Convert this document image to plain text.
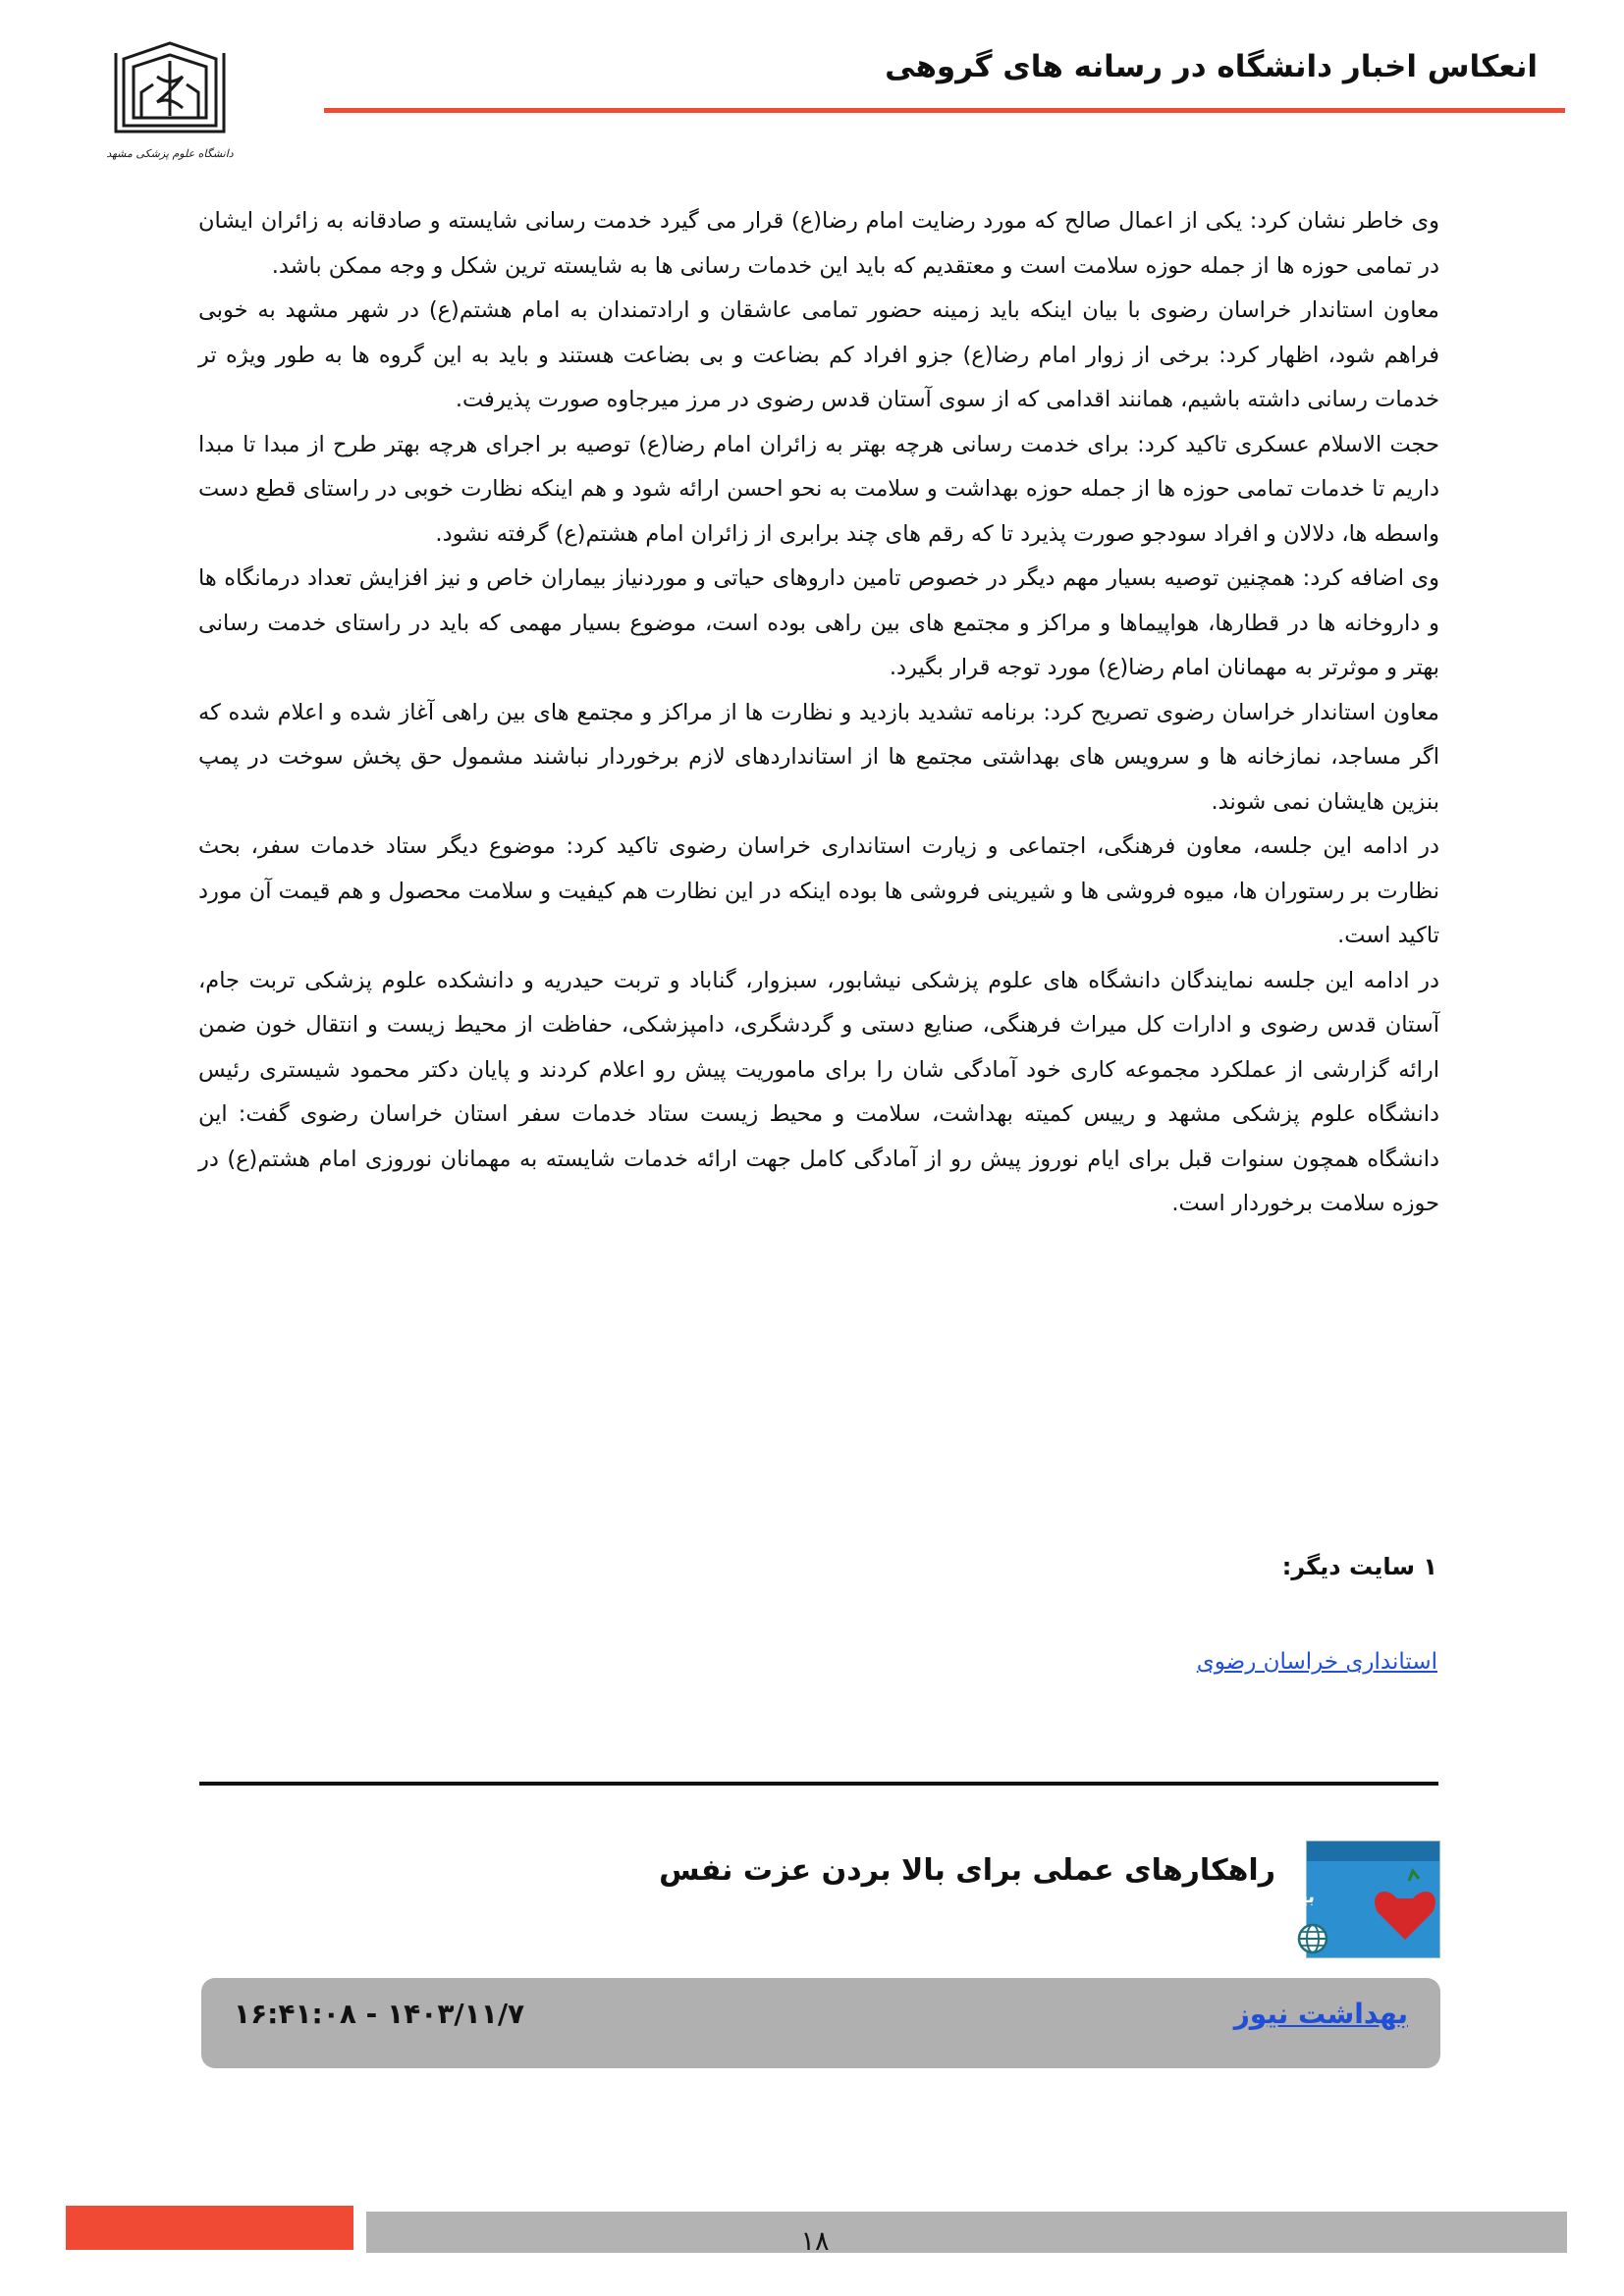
انعکاس اخبار دانشگاه در رسانه های گروهی
دانشگاه علوم پزشکی مشهد

وی خاطر نشان کرد: یکی از اعمال صالح که مورد رضایت امام رضا(ع) قرار می گیرد خدمت رسانی شایسته و صادقانه به زائران ایشان در تمامی حوزه ها از جمله حوزه سلامت است و معتقدیم که باید این خدمات رسانی ها به شایسته ترین شکل و وجه ممکن باشد.

معاون استاندار خراسان رضوی با بیان اینکه باید زمینه حضور تمامی عاشقان و ارادتمندان به امام هشتم(ع) در شهر مشهد به خوبی فراهم شود، اظهار کرد: برخی از زوار امام رضا(ع) جزو افراد کم بضاعت و بی بضاعت هستند و باید به این گروه ها به طور ویژه تر خدمات رسانی داشته باشیم، همانند اقدامی که از سوی آستان قدس رضوی در مرز میرجاوه صورت پذیرفت.

حجت الاسلام عسکری تاکید کرد: برای خدمت رسانی هرچه بهتر به زائران امام رضا(ع) توصیه بر اجرای هرچه بهتر طرح از مبدا تا مبدا داریم تا خدمات تمامی حوزه ها از جمله حوزه بهداشت و سلامت به نحو احسن ارائه شود و هم اینکه نظارت خوبی در راستای قطع دست واسطه ها، دلالان و افراد سودجو صورت پذیرد تا که رقم های چند برابری از زائران امام هشتم(ع) گرفته نشود.

وی اضافه کرد: همچنین توصیه بسیار مهم دیگر در خصوص تامین داروهای حیاتی و موردنیاز بیماران خاص و نیز افزایش تعداد درمانگاه ها و داروخانه ها در قطارها، هواپیماها و مراکز و مجتمع های بین راهی بوده است، موضوع بسیار مهمی که باید در راستای خدمت رسانی بهتر و موثرتر به مهمانان امام رضا(ع) مورد توجه قرار بگیرد.

معاون استاندار خراسان رضوی تصریح کرد: برنامه تشدید بازدید و نظارت ها از مراکز و مجتمع های بین راهی آغاز شده و اعلام شده که اگر مساجد، نمازخانه ها و سرویس های بهداشتی مجتمع ها از استانداردهای لازم برخوردار نباشند مشمول حق پخش سوخت در پمپ بنزین هایشان نمی شوند.

در ادامه این جلسه، معاون فرهنگی، اجتماعی و زیارت استانداری خراسان رضوی تاکید کرد: موضوع دیگر ستاد خدمات سفر، بحث نظارت بر رستوران ها، میوه فروشی ها و شیرینی فروشی ها بوده اینکه در این نظارت هم کیفیت و سلامت محصول و هم قیمت آن مورد تاکید است.

در ادامه این جلسه نمایندگان دانشگاه های علوم پزشکی نیشابور، سبزوار، گناباد و تربت حیدریه و دانشکده علوم پزشکی تربت جام، آستان قدس رضوی و ادارات کل میراث فرهنگی، صنایع دستی و گردشگری، دامپزشکی، حفاظت از محیط زیست و انتقال خون ضمن ارائه گزارشی از عملکرد مجموعه کاری خود آمادگی شان را برای ماموریت پیش رو اعلام کردند و پایان دکتر محمود شیستری رئیس دانشگاه علوم پزشکی مشهد و رییس کمیته بهداشت، سلامت و محیط زیست ستاد خدمات سفر استان خراسان رضوی گفت: این دانشگاه همچون سنوات قبل برای ایام نوروز پیش رو از آمادگی کامل جهت ارائه خدمات شایسته به مهمانان نوروزی امام هشتم(ع) در حوزه سلامت برخوردار است.

۱ سایت دیگر:

استانداری خراسان رضوی
بهداشت نیوز
راهکارهای عملی برای بالا بردن عزت نفس
بهداشت نیوز
۱۴۰۳/۱۱/۷ - ۱۶:۴۱:۰۸
۱۸
